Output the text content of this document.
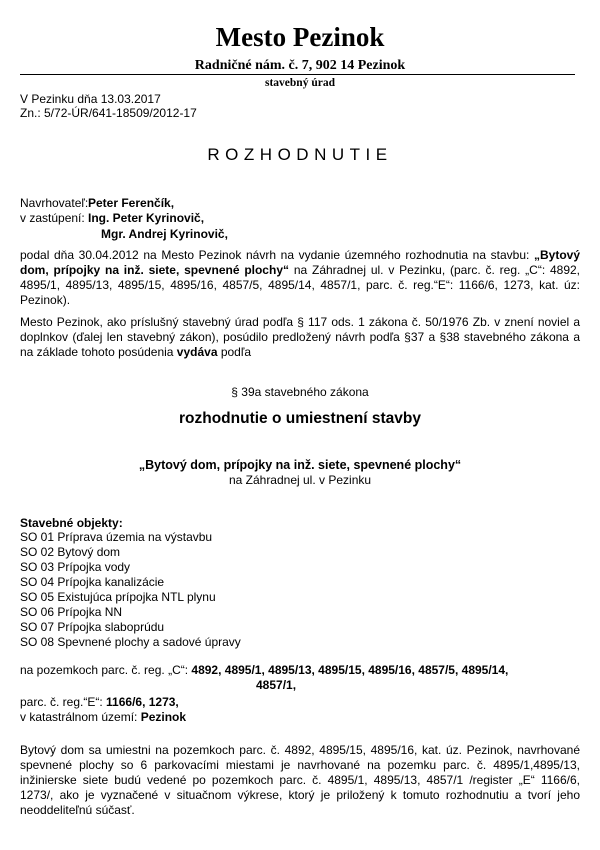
Mesto Pezinok
Radničné nám. č. 7, 902 14 Pezinok
stavebný úrad
V Pezinku dňa 13.03.2017
Zn.: 5/72-ÚR/641-18509/2012-17
ROZHODNUTIE
Navrhovateľ:Peter Ferenčík,
v zastúpení: Ing. Peter Kyrinovič,
Mgr. Andrej Kyrinovič,
podal dňa 30.04.2012 na Mesto Pezinok návrh na vydanie územného rozhodnutia na stavbu: „Bytový dom, prípojky na inž. siete, spevnené plochy“ na Záhradnej ul. v Pezinku, (parc. č. reg. „C“: 4892, 4895/1, 4895/13, 4895/15, 4895/16, 4857/5, 4895/14, 4857/1, parc. č. reg.“E“: 1166/6, 1273, kat. úz: Pezinok).
Mesto Pezinok, ako príslušný stavebný úrad podľa § 117 ods. 1 zákona č. 50/1976 Zb. v znení noviel a doplnkov (ďalej len stavebný zákon), posúdilo predložený návrh podľa §37 a §38 stavebného zákona a na základe tohoto posúdenia vydáva podľa
§ 39a stavebného zákona
rozhodnutie o umiestnení stavby
„Bytový dom, prípojky na inž. siete, spevnené plochy“
na Záhradnej ul. v Pezinku
Stavebné objekty:
SO 01 Príprava územia na výstavbu
SO 02 Bytový dom
SO 03 Prípojka vody
SO 04 Prípojka kanalizácie
SO 05 Existujúca prípojka NTL plynu
SO 06 Prípojka NN
SO 07 Prípojka slaboprúdu
SO 08 Spevnené plochy a sadové úpravy
na pozemkoch parc. č. reg. „C“: 4892, 4895/1, 4895/13, 4895/15, 4895/16, 4857/5, 4895/14,
4857/1,
parc. č. reg.“E“: 1166/6, 1273,
v katastrálnom území: Pezinok
Bytový dom sa umiestni na pozemkoch parc. č. 4892, 4895/15, 4895/16, kat. úz. Pezinok, navrhované spevnené plochy so 6 parkovacími miestami je navrhované na pozemku parc. č. 4895/1,4895/13, inžinierske siete budú vedené po pozemkoch parc. č. 4895/1, 4895/13, 4857/1 /register „E“ 1166/6, 1273/, ako je vyznačené v situačnom výkrese, ktorý je priložený k tomuto rozhodnutiu a tvorí jeho neoddeliteľnú súčasť.
